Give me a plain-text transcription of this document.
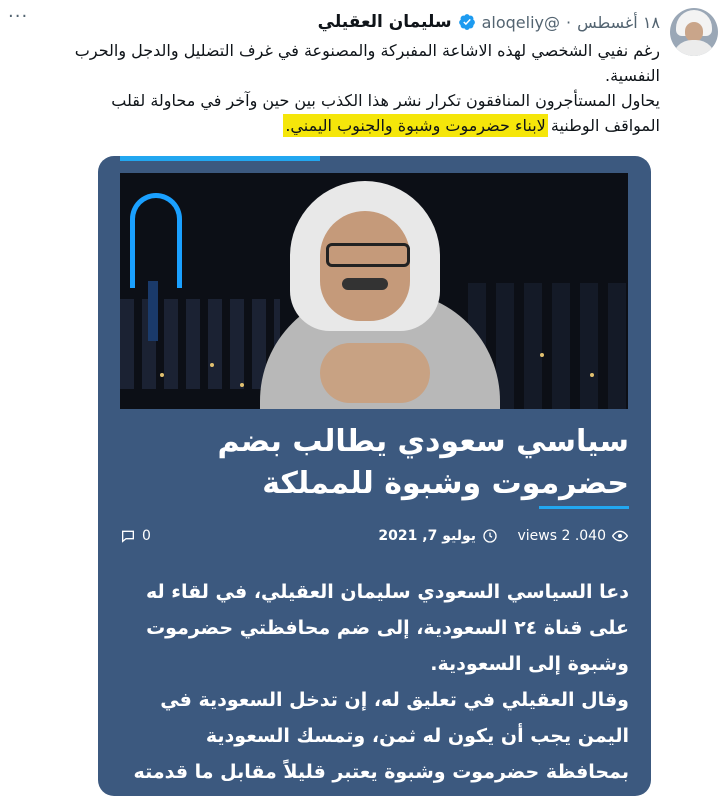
سليمان العقيلي @aloqeliy · ١٨ أغسطس
···

رغم نفيي الشخصي لهذه الاشاعة المفبركة والمصنوعة في غرف التضليل والدجل والحرب النفسية.

يحاول المستأجرون المنافقون تكرار نشر هذا الكذب بين حين وآخر في محاولة لقلب المواقف الوطنية لابناء حضرموت وشبوة والجنوب اليمني.

سياسي سعودي يطالب بضم حضرموت وشبوة للمملكة
views 2 .040
يوليو 7, 2021
0

دعا السياسي السعودي سليمان العقيلي، في لقاء له على قناة ٢٤ السعودية، إلى ضم محافظتي حضرموت وشبوة إلى السعودية.

وقال العقيلي في تعليق له، إن تدخل السعودية في اليمن يجب أن يكون له ثمن، وتمسك السعودية بمحافظة حضرموت وشبوة يعتبر قليلاً مقابل ما قدمته
